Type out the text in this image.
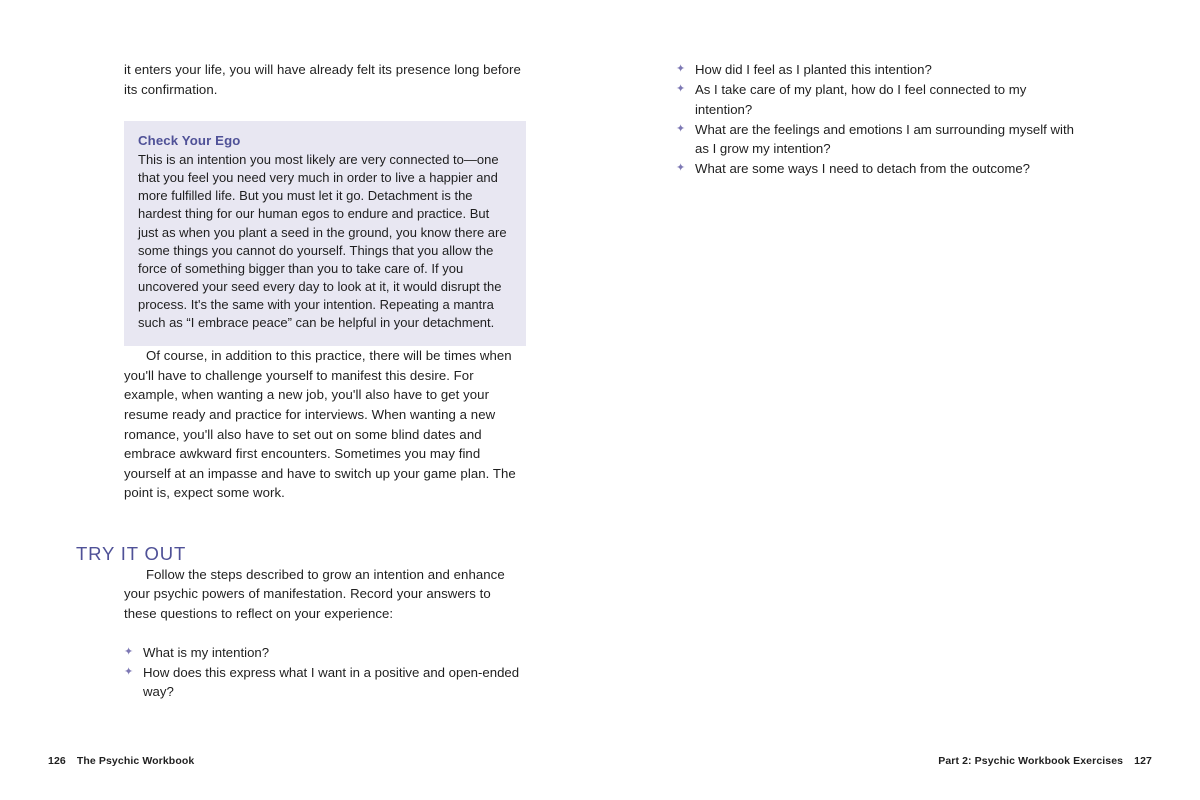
it enters your life, you will have already felt its presence long before its confirmation.

Check Your Ego

This is an intention you most likely are very connected to—one that you feel you need very much in order to live a happier and more fulfilled life. But you must let it go. Detachment is the hardest thing for our human egos to endure and practice. But just as when you plant a seed in the ground, you know there are some things you cannot do yourself. Things that you allow the force of something bigger than you to take care of. If you uncovered your seed every day to look at it, it would disrupt the process. It's the same with your intention. Repeating a mantra such as “I embrace peace” can be helpful in your detachment.

Of course, in addition to this practice, there will be times when you'll have to challenge yourself to manifest this desire. For example, when wanting a new job, you'll also have to get your resume ready and practice for interviews. When wanting a new romance, you'll also have to set out on some blind dates and embrace awkward first encounters. Sometimes you may find yourself at an impasse and have to switch up your game plan. The point is, expect some work.

TRY IT OUT

Follow the steps described to grow an intention and enhance your psychic powers of manifestation. Record your answers to these questions to reflect on your experience:

✦ What is my intention?
✦ How does this express what I want in a positive and open-ended way?
126 The Psychic Workbook
✦ How did I feel as I planted this intention?
✦ As I take care of my plant, how do I feel connected to my intention?
✦ What are the feelings and emotions I am surrounding myself with as I grow my intention?
✦ What are some ways I need to detach from the outcome?
Part 2: Psychic Workbook Exercises 127
